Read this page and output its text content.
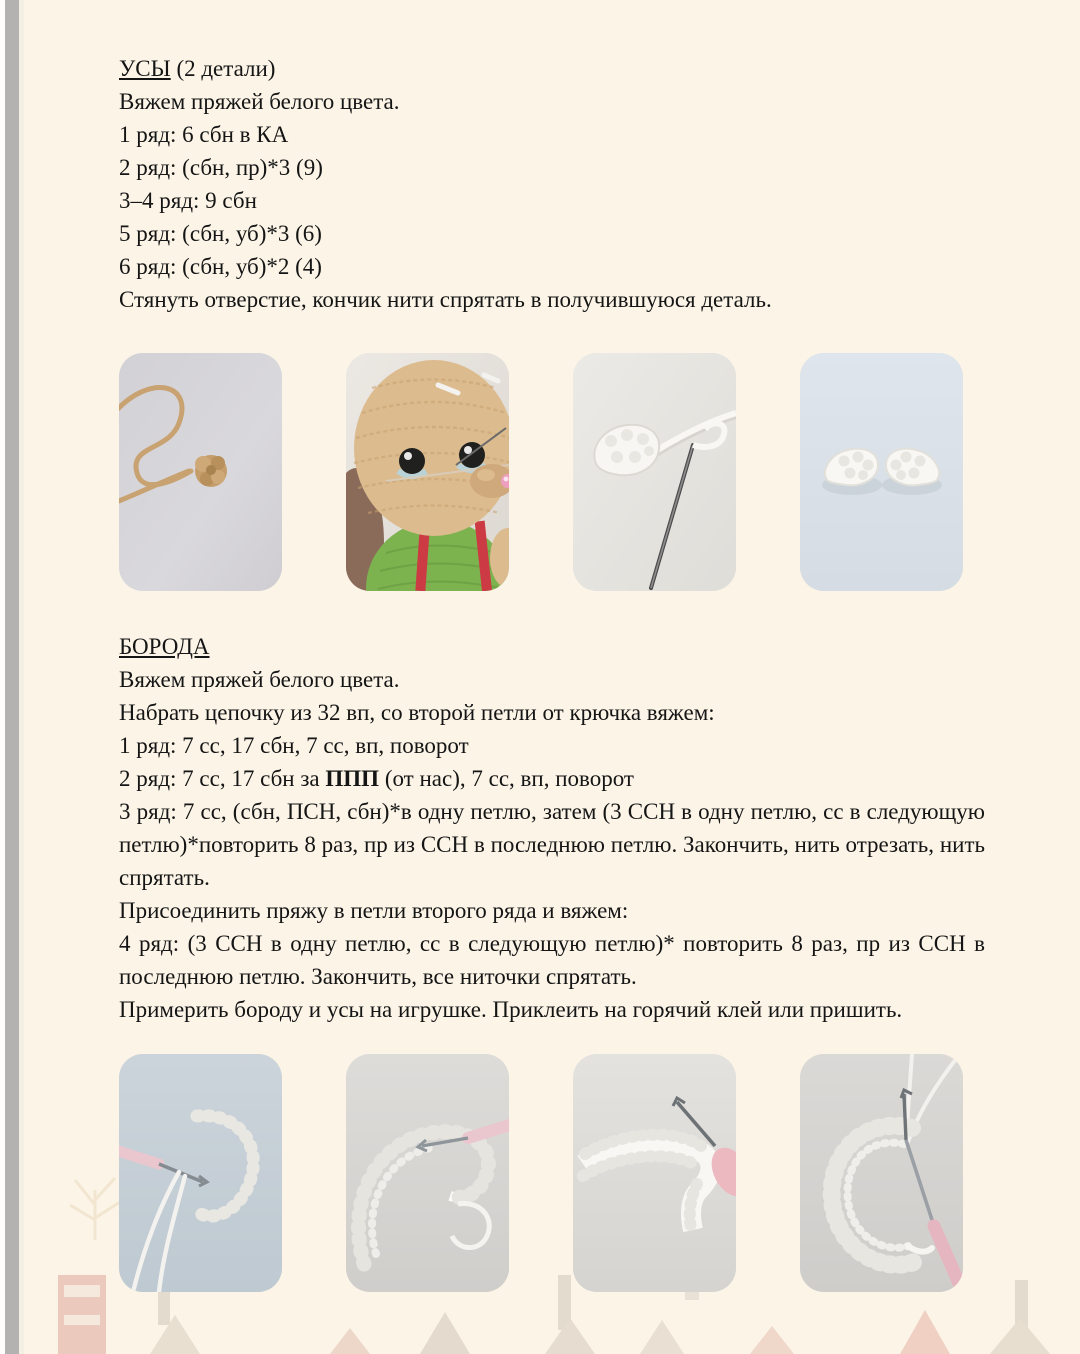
УСЫ (2 детали)

Вяжем пряжей белого цвета.

1 ряд: 6 сбн в КА

2 ряд: (сбн, пр)*3 (9)

3–4 ряд: 9 сбн

5 ряд: (сбн, уб)*3 (6)

6 ряд: (сбн, уб)*2 (4)

Стянуть отверстие, кончик нити спрятать в получившуюся деталь.

БОРОДА

Вяжем пряжей белого цвета.

Набрать цепочку из 32 вп, со второй петли от крючка вяжем:

1 ряд: 7 сс, 17 сбн, 7 сс, вп, поворот

2 ряд: 7 сс, 17 сбн за ППП (от нас), 7 сс, вп, поворот

3 ряд: 7 сс, (сбн, ПСН, сбн)*в одну петлю, затем (3 ССН в одну петлю, сс в следующую петлю)*повторить 8 раз, пр из ССН в последнюю петлю. Закончить, нить отрезать, нить спрятать.

Присоединить пряжу в петли второго ряда и вяжем:

4 ряд: (3 ССН в одну петлю, сс в следующую петлю)* повторить 8 раз, пр из ССН в последнюю петлю. Закончить, все ниточки спрятать.

Примерить бороду и усы на игрушке. Приклеить на горячий клей или пришить.
